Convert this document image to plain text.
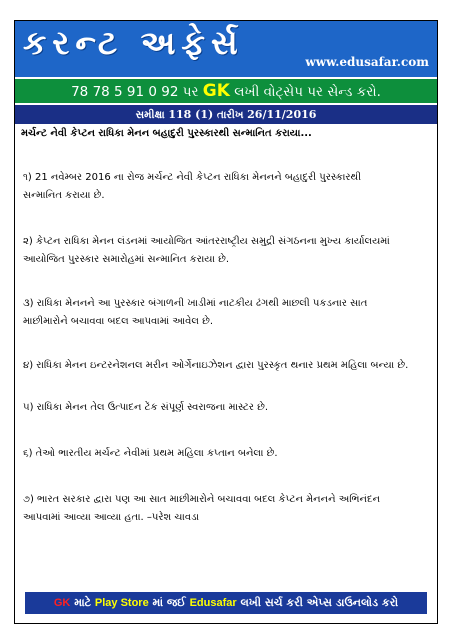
કરન્ટ અફેર્સ	www.edusafar.com
78 78 5 91 0 92 પર GK લખી વોટ્સેપ પર સેન્ડ કરો.
સમીક્ષા 118 (1) તારીખ 26/11/2016
મર્ચન્ટ નેવી કેપ્ટન રાધિકા મેનન બહાદુરી પુરસ્કારથી સન્માનિત કરાયા...

૧) 21 નવેમ્બર 2016 ના રોજ મર્ચન્ટ નેવી કેપ્ટન રાધિકા મેનનને બહાદુરી પુરસ્કારથી

સન્માનિત કરાયા છે.

૨) કેપ્ટન રાધિકા મેનન લંડનમાં આયોજિત આંતરરાષ્ટ્રીય સમુદ્રી સંગઠનના મુખ્ય કાર્યાલયમાં

આયોજિત પુરસ્કાર સમારોહમાં સન્માનિત કરાયા છે.

૩) રાધિકા મેનનને આ પુરસ્કાર બંગાળની ખાડીમાં નાટકીય ઢંગથી માછલી પકડનાર સાત

માછીમારોને બચાવવા બદલ આપવામાં આવેલ છે.

૪) રાધિકા મેનન ઇન્ટરનેશનલ મરીન ઓર્ગેનાઇઝેશન દ્વારા પુરસ્કૃત થનાર પ્રથમ મહિલા બન્યા છે.

૫) રાધિકા મેનન તેલ ઉત્પાદન ટેંક સંપૂર્ણ સ્વરાજના માસ્ટર છે.

૬) તેઓ ભારતીય મર્ચન્ટ નેવીમાં પ્રથમ મહિલા કપ્તાન બનેલા છે.

૭) ભારત સરકાર દ્વારા પણ આ સાત માછીમારોને બચાવવા બદલ કેપ્ટન મેનનને અભિનંદન

આપવામાં આવ્યા આવ્યા હતા. –પરેશ ચાવડા

GK માટે Play Store માં જઈ Edusafar લખી સર્ચ કરી એપ્સ ડાઉનલોડ કરો
